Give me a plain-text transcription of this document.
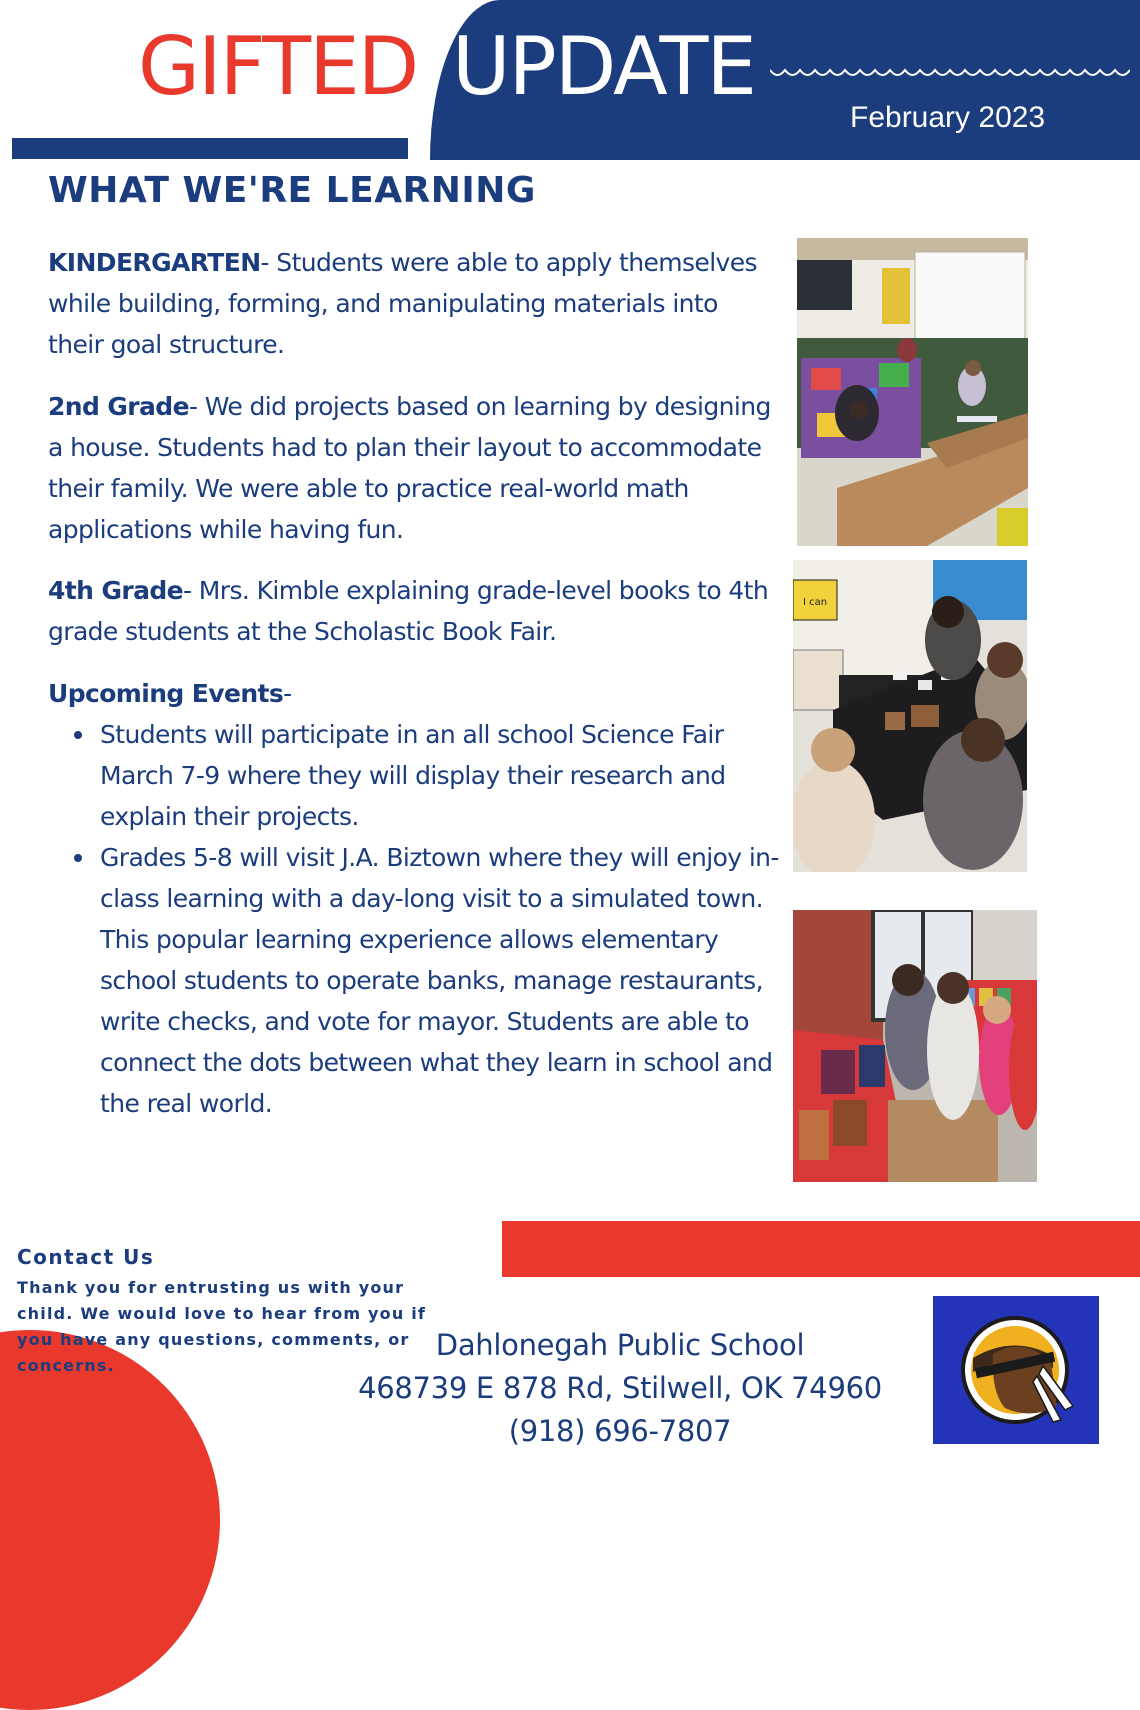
GIFTED UPDATE
February 2023
WHAT WE'RE LEARNING
KINDERGARTEN- Students were able to apply themselves while building, forming, and manipulating materials into their goal structure.
2nd Grade- We did projects based on learning by designing a house. Students had to plan their layout to accommodate their family. We were able to practice real-world math applications while having fun.
4th Grade- Mrs. Kimble explaining grade-level books to 4th grade students at the Scholastic Book Fair.
Upcoming Events-
Students will participate in an all school Science Fair March 7-9 where they will display their research and explain their projects.
Grades 5-8 will visit J.A. Biztown where they will enjoy in-class learning with a day-long visit to a simulated town. This popular learning experience allows elementary school students to operate banks, manage restaurants, write checks, and vote for mayor. Students are able to connect the dots between what they learn in school and the real world.
I can
Contact Us
Thank you for entrusting us with your child. We would love to hear from you if you have any questions, comments, or concerns.
Dahlonegah Public School
468739 E 878 Rd, Stilwell, OK 74960
(918) 696-7807
